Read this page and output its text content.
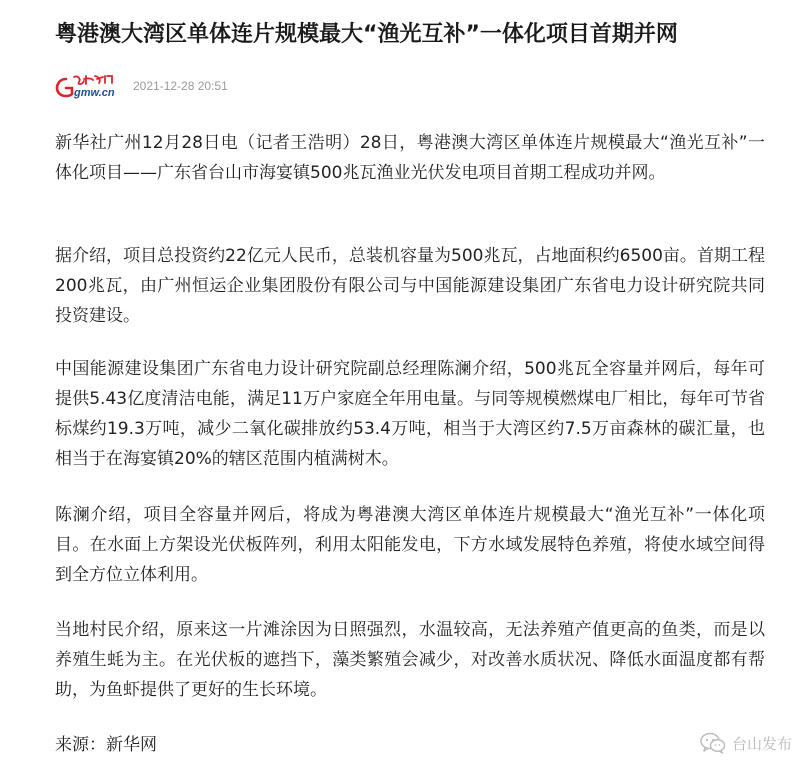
粤港澳大湾区单体连片规模最大“渔光互补”一体化项目首期并网
gmw.cn 2021-12-28 20:51

新华社广州12月28日电（记者王浩明）28日，粤港澳大湾区单体连片规模最大“渔光互补”一体化项目——广东省台山市海宴镇500兆瓦渔业光伏发电项目首期工程成功并网。

据介绍，项目总投资约22亿元人民币，总装机容量为500兆瓦，占地面积约6500亩。首期工程200兆瓦，由广州恒运企业集团股份有限公司与中国能源建设集团广东省电力设计研究院共同投资建设。

中国能源建设集团广东省电力设计研究院副总经理陈澜介绍，500兆瓦全容量并网后，每年可提供5.43亿度清洁电能，满足11万户家庭全年用电量。与同等规模燃煤电厂相比，每年可节省标煤约19.3万吨，减少二氧化碳排放约53.4万吨，相当于大湾区约7.5万亩森林的碳汇量，也相当于在海宴镇20%的辖区范围内植满树木。

陈澜介绍，项目全容量并网后，将成为粤港澳大湾区单体连片规模最大“渔光互补”一体化项目。在水面上方架设光伏板阵列，利用太阳能发电，下方水域发展特色养殖，将使水域空间得到全方位立体利用。

当地村民介绍，原来这一片滩涂因为日照强烈，水温较高，无法养殖产值更高的鱼类，而是以养殖生蚝为主。在光伏板的遮挡下，藻类繁殖会减少，对改善水质状况、降低水面温度都有帮助，为鱼虾提供了更好的生长环境。

来源：新华网	台山发布
